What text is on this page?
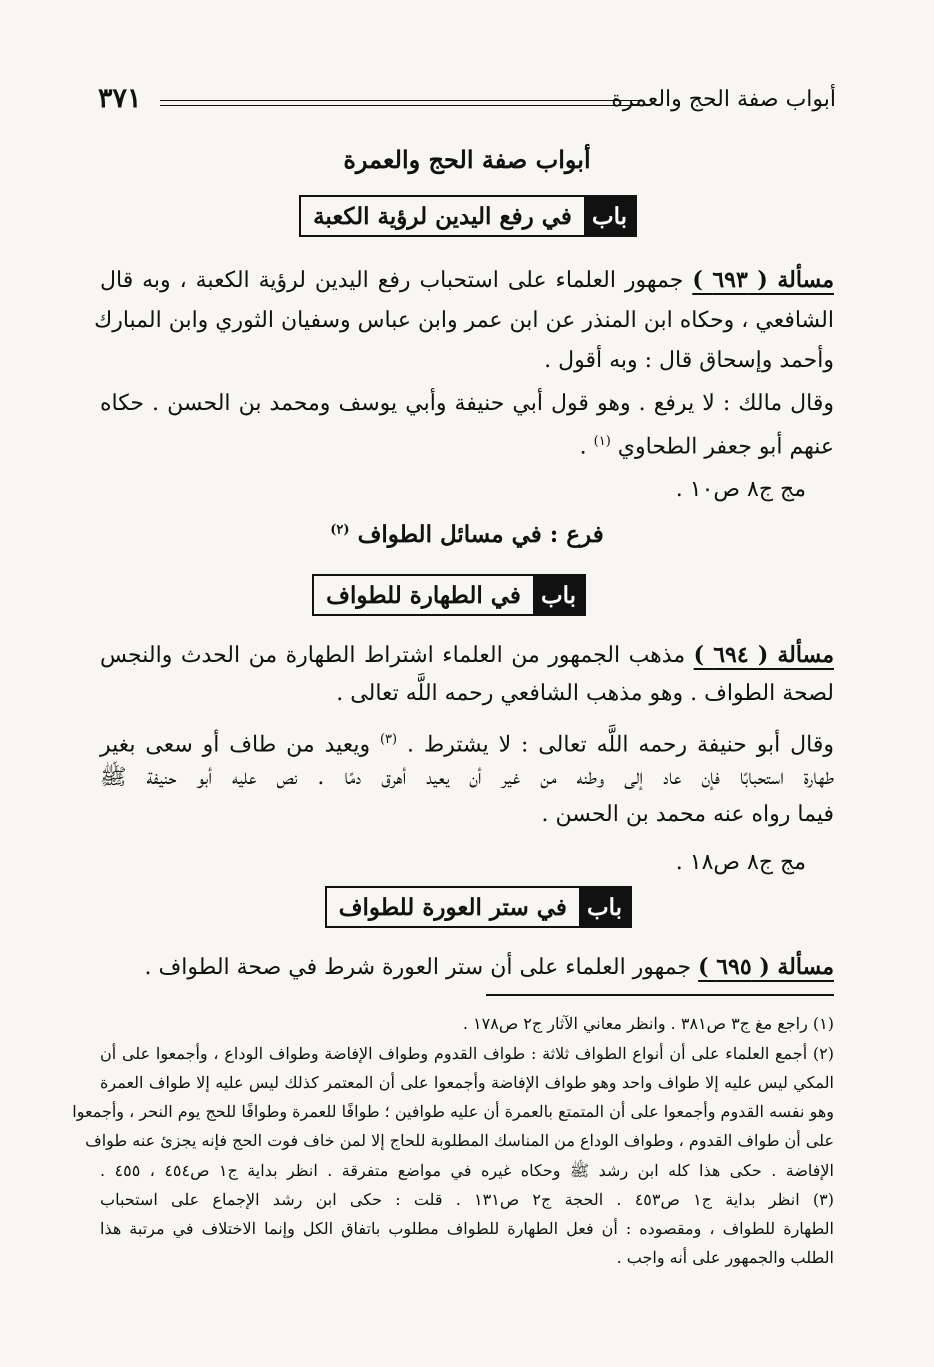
أبواب صفة الحج والعمرة
٣٧١
أبواب صفة الحج والعمرة
باب
في رفع اليدين لرؤية الكعبة
مسألة ( ٦٩٣ ) جمهور العلماء على استحباب رفع اليدين لرؤية الكعبة ، وبه قال
الشافعي ، وحكاه ابن المنذر عن ابن عمر وابن عباس وسفيان الثوري وابن المبارك
وأحمد وإسحاق قال : وبه أقول .
وقال مالك : لا يرفع . وهو قول أبي حنيفة وأبي يوسف ومحمد بن الحسن . حكاه
عنهم أبو جعفر الطحاوي $^{(١)}$ .
مج ج٨ ص١٠ .
فرع : في مسائل الطواف $^{(٢)}$
باب
في الطهارة للطواف
مسألة ( ٦٩٤ ) مذهب الجمهور من العلماء اشتراط الطهارة من الحدث والنجس
لصحة الطواف . وهو مذهب الشافعي رحمه اللَّه تعالى .
وقال أبو حنيفة رحمه اللَّه تعالى : لا يشترط . $^{(٣)}$ ويعيد من طاف أو سعى بغير
طهارة استحبابًا فإن عاد إلى وطنه من غير أن يعيد أهرق دمًا . نص عليه أبو حنيفة ﷺ
فيما رواه عنه محمد بن الحسن .
مج ج٨ ص١٨ .
باب
في ستر العورة للطواف
مسألة ( ٦٩٥ ) جمهور العلماء على أن ستر العورة شرط في صحة الطواف .
(١) راجع مغ ج٣ ص٣٨١ . وانظر معاني الآثار ج٢ ص١٧٨ .
(٢) أجمع العلماء على أن أنواع الطواف ثلاثة : طواف القدوم وطواف الإفاضة وطواف الوداع ، وأجمعوا على أن
المكي ليس عليه إلا طواف واحد وهو طواف الإفاضة وأجمعوا على أن المعتمر كذلك ليس عليه إلا طواف العمرة
وهو نفسه القدوم وأجمعوا على أن المتمتع بالعمرة أن عليه طوافين ؛ طوافًا للعمرة وطوافًا للحج يوم النحر ، وأجمعوا
على أن طواف القدوم ، وطواف الوداع من المناسك المطلوبة للحاج إلا لمن خاف فوت الحج فإنه يجزئ عنه طواف
الإفاضة . حكى هذا كله ابن رشد ﷺ وحكاه غيره في مواضع متفرقة . انظر بداية ج١ ص٤٥٤ ، ٤٥٥ .
(٣) انظر بداية ج١ ص٤٥٣ . الحجة ج٢ ص١٣١ . قلت : حكى ابن رشد الإجماع على استحباب
الطهارة للطواف ، ومقصوده : أن فعل الطهارة للطواف مطلوب باتفاق الكل وإنما الاختلاف في مرتبة هذا
الطلب والجمهور على أنه واجب .
